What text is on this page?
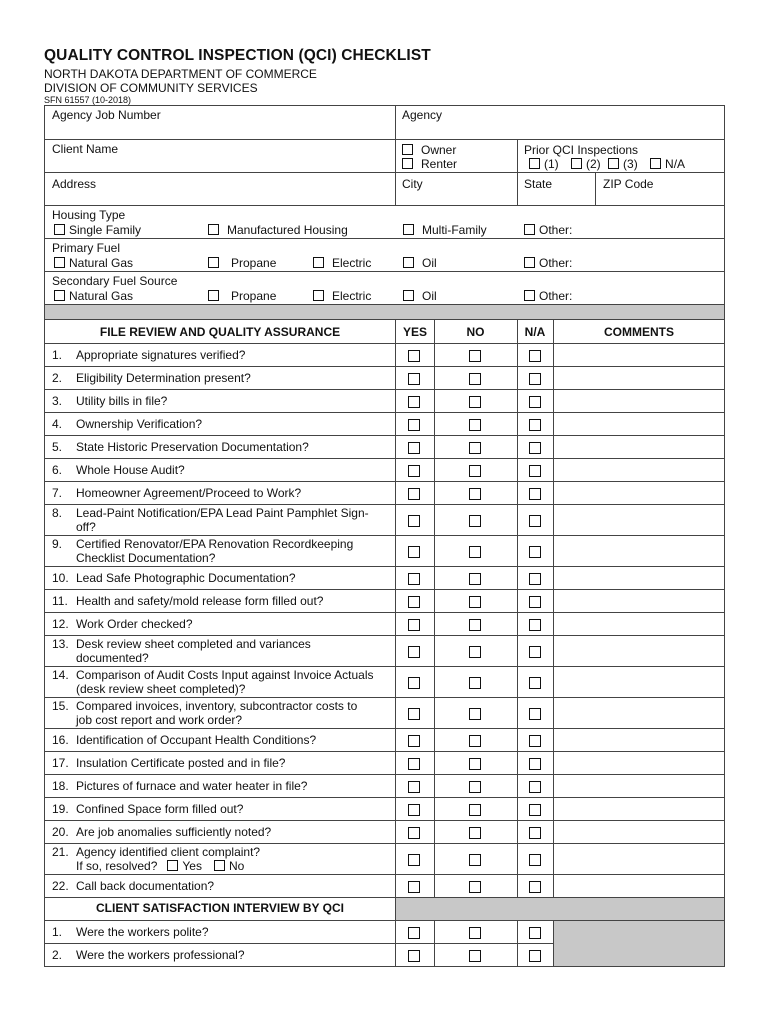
QUALITY CONTROL INSPECTION (QCI) CHECKLIST
NORTH DAKOTA DEPARTMENT OF COMMERCE
DIVISION OF COMMUNITY SERVICES
SFN 61557 (10-2018)
Agency Job Number	Agency
Client Name	Owner
Renter
Prior QCI Inspections
(1) (2) (3) N/A
Address	City	State	ZIP Code
Housing Type
Single Family	Manufactured Housing	Multi-Family	Other:
Primary Fuel
Natural Gas	Propane	Electric	Oil	Other:
Secondary Fuel Source
Natural Gas	Propane	Electric	Oil	Other:
FILE REVIEW AND QUALITY ASSURANCE	YES	NO	N/A	COMMENTS
1. Appropriate signatures verified?
2. Eligibility Determination present?
3. Utility bills in file?
4. Ownership Verification?
5. State Historic Preservation Documentation?
6. Whole House Audit?
7. Homeowner Agreement/Proceed to Work?
8. Lead-Paint Notification/EPA Lead Paint Pamphlet Sign-
off?
9. Certified Renovator/EPA Renovation Recordkeeping
Checklist Documentation?
10. Lead Safe Photographic Documentation?
11. Health and safety/mold release form filled out?
12. Work Order checked?
13. Desk review sheet completed and variances
documented?
14. Comparison of Audit Costs Input against Invoice Actuals
(desk review sheet completed)?
15. Compared invoices, inventory, subcontractor costs to
job cost report and work order?
16. Identification of Occupant Health Conditions?
17. Insulation Certificate posted and in file?
18. Pictures of furnace and water heater in file?
19. Confined Space form filled out?
20. Are job anomalies sufficiently noted?
21. Agency identified client complaint?
If so, resolved? Yes No
22. Call back documentation?
CLIENT SATISFACTION INTERVIEW BY QCI
1. Were the workers polite?
2. Were the workers professional?
